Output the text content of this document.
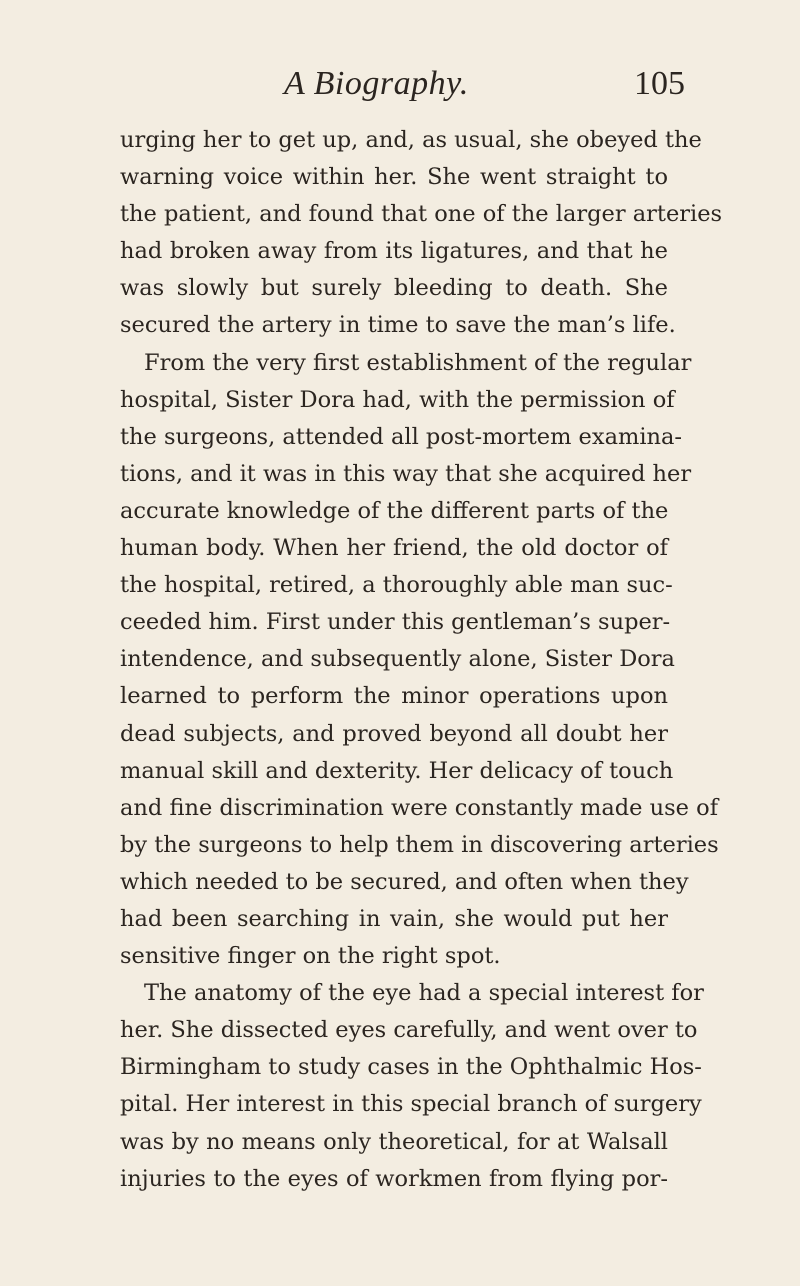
A Biography.	105
urging her to get up, and, as usual, she obeyed the
warning voice within her. She went straight to
the patient, and found that one of the larger arteries
had broken away from its ligatures, and that he
was slowly but surely bleeding to death. She
secured the artery in time to save the man’s life.
From the very first establishment of the regular
hospital, Sister Dora had, with the permission of
the surgeons, attended all post-mortem examina-
tions, and it was in this way that she acquired her
accurate knowledge of the different parts of the
human body. When her friend, the old doctor of
the hospital, retired, a thoroughly able man suc-
ceeded him. First under this gentleman’s super-
intendence, and subsequently alone, Sister Dora
learned to perform the minor operations upon
dead subjects, and proved beyond all doubt her
manual skill and dexterity. Her delicacy of touch
and fine discrimination were constantly made use of
by the surgeons to help them in discovering arteries
which needed to be secured, and often when they
had been searching in vain, she would put her
sensitive finger on the right spot.
The anatomy of the eye had a special interest for
her. She dissected eyes carefully, and went over to
Birmingham to study cases in the Ophthalmic Hos-
pital. Her interest in this special branch of surgery
was by no means only theoretical, for at Walsall
injuries to the eyes of workmen from flying por-
